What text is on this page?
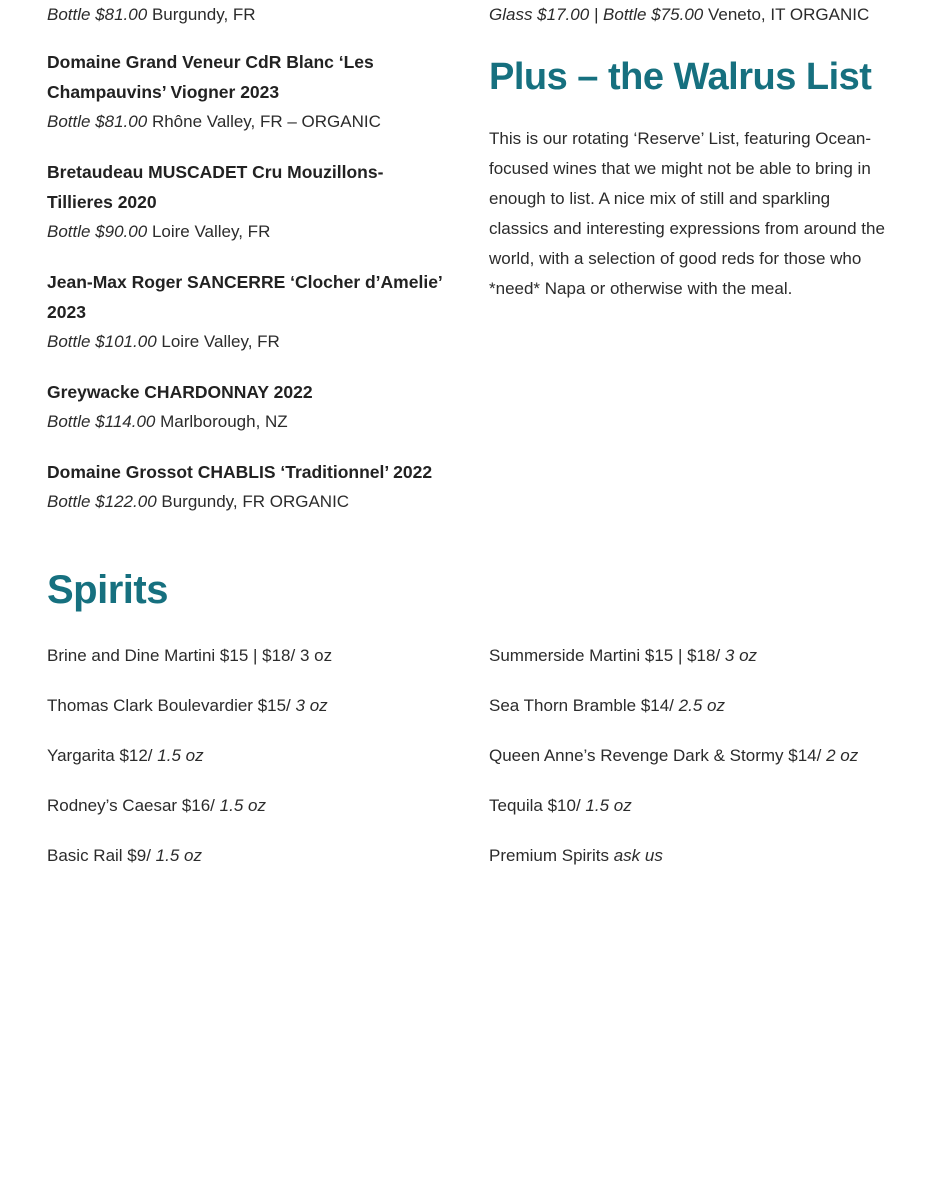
Bottle $81.00 Burgundy, FR

Domaine Grand Veneur CdR Blanc ‘Les Champauvins’ Viogner 2023

Bottle $81.00 Rhône Valley, FR – ORGANIC

Bretaudeau MUSCADET Cru Mouzillons-Tillieres 2020

Bottle $90.00 Loire Valley, FR

Jean-Max Roger SANCERRE ‘Clocher d’Amelie’ 2023

Bottle $101.00 Loire Valley, FR

Greywacke CHARDONNAY 2022

Bottle $114.00 Marlborough, NZ

Domaine Grossot CHABLIS ‘Traditionnel’ 2022

Bottle $122.00 Burgundy, FR ORGANIC

Glass $17.00 | Bottle $75.00 Veneto, IT ORGANIC

Plus – the Walrus List

This is our rotating ‘Reserve’ List, featuring Ocean-focused wines that we might not be able to bring in enough to list. A nice mix of still and sparkling classics and interesting expressions from around the world, with a selection of good reds for those who *need* Napa or otherwise with the meal.

Spirits

Brine and Dine Martini $15 | $18/ 3 oz

Thomas Clark Boulevardier $15/ 3 oz

Yargarita $12/ 1.5 oz

Rodney’s Caesar $16/ 1.5 oz

Basic Rail $9/ 1.5 oz

Summerside Martini $15 | $18/ 3 oz

Sea Thorn Bramble $14/ 2.5 oz

Queen Anne’s Revenge Dark & Stormy $14/ 2 oz

Tequila $10/ 1.5 oz

Premium Spirits ask us
